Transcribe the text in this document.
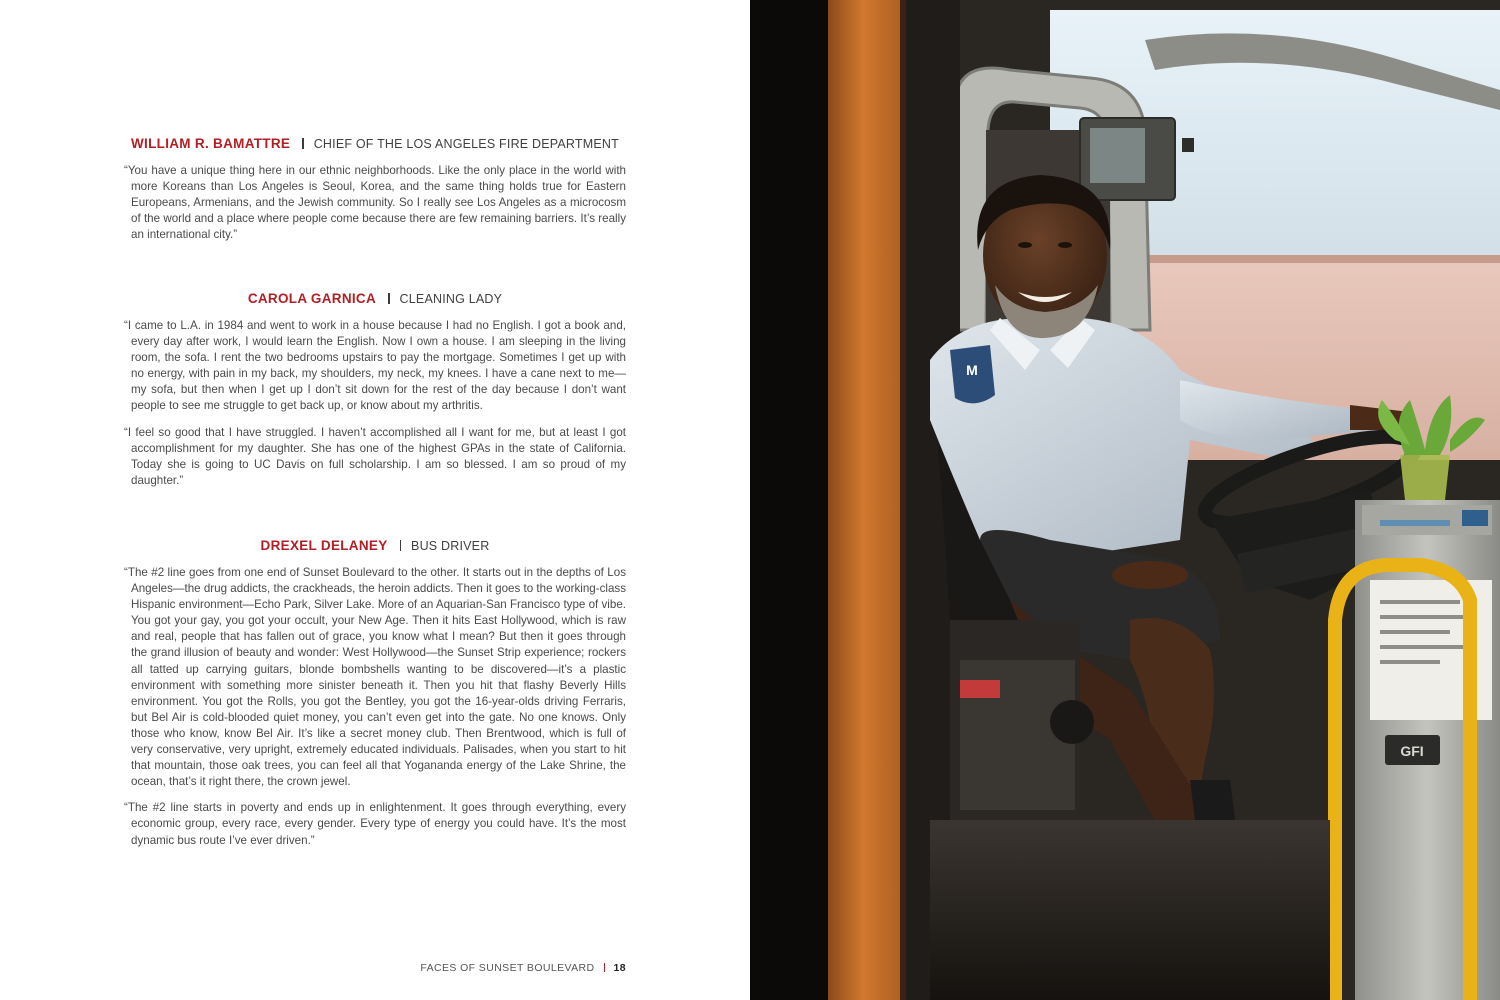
WILLIAM R. BAMATTRE CHIEF OF THE LOS ANGELES FIRE DEPARTMENT

“You have a unique thing here in our ethnic neighborhoods. Like the only place in the world with more Koreans than Los Angeles is Seoul, Korea, and the same thing holds true for Eastern Europeans, Armenians, and the Jewish community. So I really see Los Angeles as a microcosm of the world and a place where people come because there are few remaining barriers. It’s really an international city.”

CAROLA GARNICA CLEANING LADY

“I came to L.A. in 1984 and went to work in a house because I had no English. I got a book and, every day after work, I would learn the English. Now I own a house. I am sleeping in the living room, the sofa. I rent the two bedrooms upstairs to pay the mortgage. Sometimes I get up with no energy, with pain in my back, my shoulders, my neck, my knees. I have a cane next to me—my sofa, but then when I get up I don’t sit down for the rest of the day because I don’t want people to see me struggle to get back up, or know about my arthritis.

“I feel so good that I have struggled. I haven’t accomplished all I want for me, but at least I got accomplishment for my daughter. She has one of the highest GPAs in the state of California. Today she is going to UC Davis on full scholarship. I am so blessed. I am so proud of my daughter.”

DREXEL DELANEY BUS DRIVER

“The #2 line goes from one end of Sunset Boulevard to the other. It starts out in the depths of Los Angeles—the drug addicts, the crackheads, the heroin addicts. Then it goes to the working-class Hispanic environment—Echo Park, Silver Lake. More of an Aquarian-San Francisco type of vibe. You got your gay, you got your occult, your New Age. Then it hits East Hollywood, which is raw and real, people that has fallen out of grace, you know what I mean? But then it goes through the grand illusion of beauty and wonder: West Hollywood—the Sunset Strip experience; rockers all tatted up carrying guitars, blonde bombshells wanting to be discovered—it’s a plastic environment with something more sinister beneath it. Then you hit that flashy Beverly Hills environment. You got the Rolls, you got the Bentley, you got the 16-year-olds driving Ferraris, but Bel Air is cold-blooded quiet money, you can’t even get into the gate. No one knows. Only those who know, know Bel Air. It’s like a secret money club. Then Brentwood, which is full of very conservative, very upright, extremely educated individuals. Palisades, when you start to hit that mountain, those oak trees, you can feel all that Yogananda energy of the Lake Shrine, the ocean, that’s it right there, the crown jewel.

“The #2 line starts in poverty and ends up in enlightenment. It goes through everything, every economic group, every race, every gender. Every type of energy you could have. It’s the most dynamic bus route I’ve ever driven.”

FACES OF SUNSET BOULEVARD 18
M
GFI
